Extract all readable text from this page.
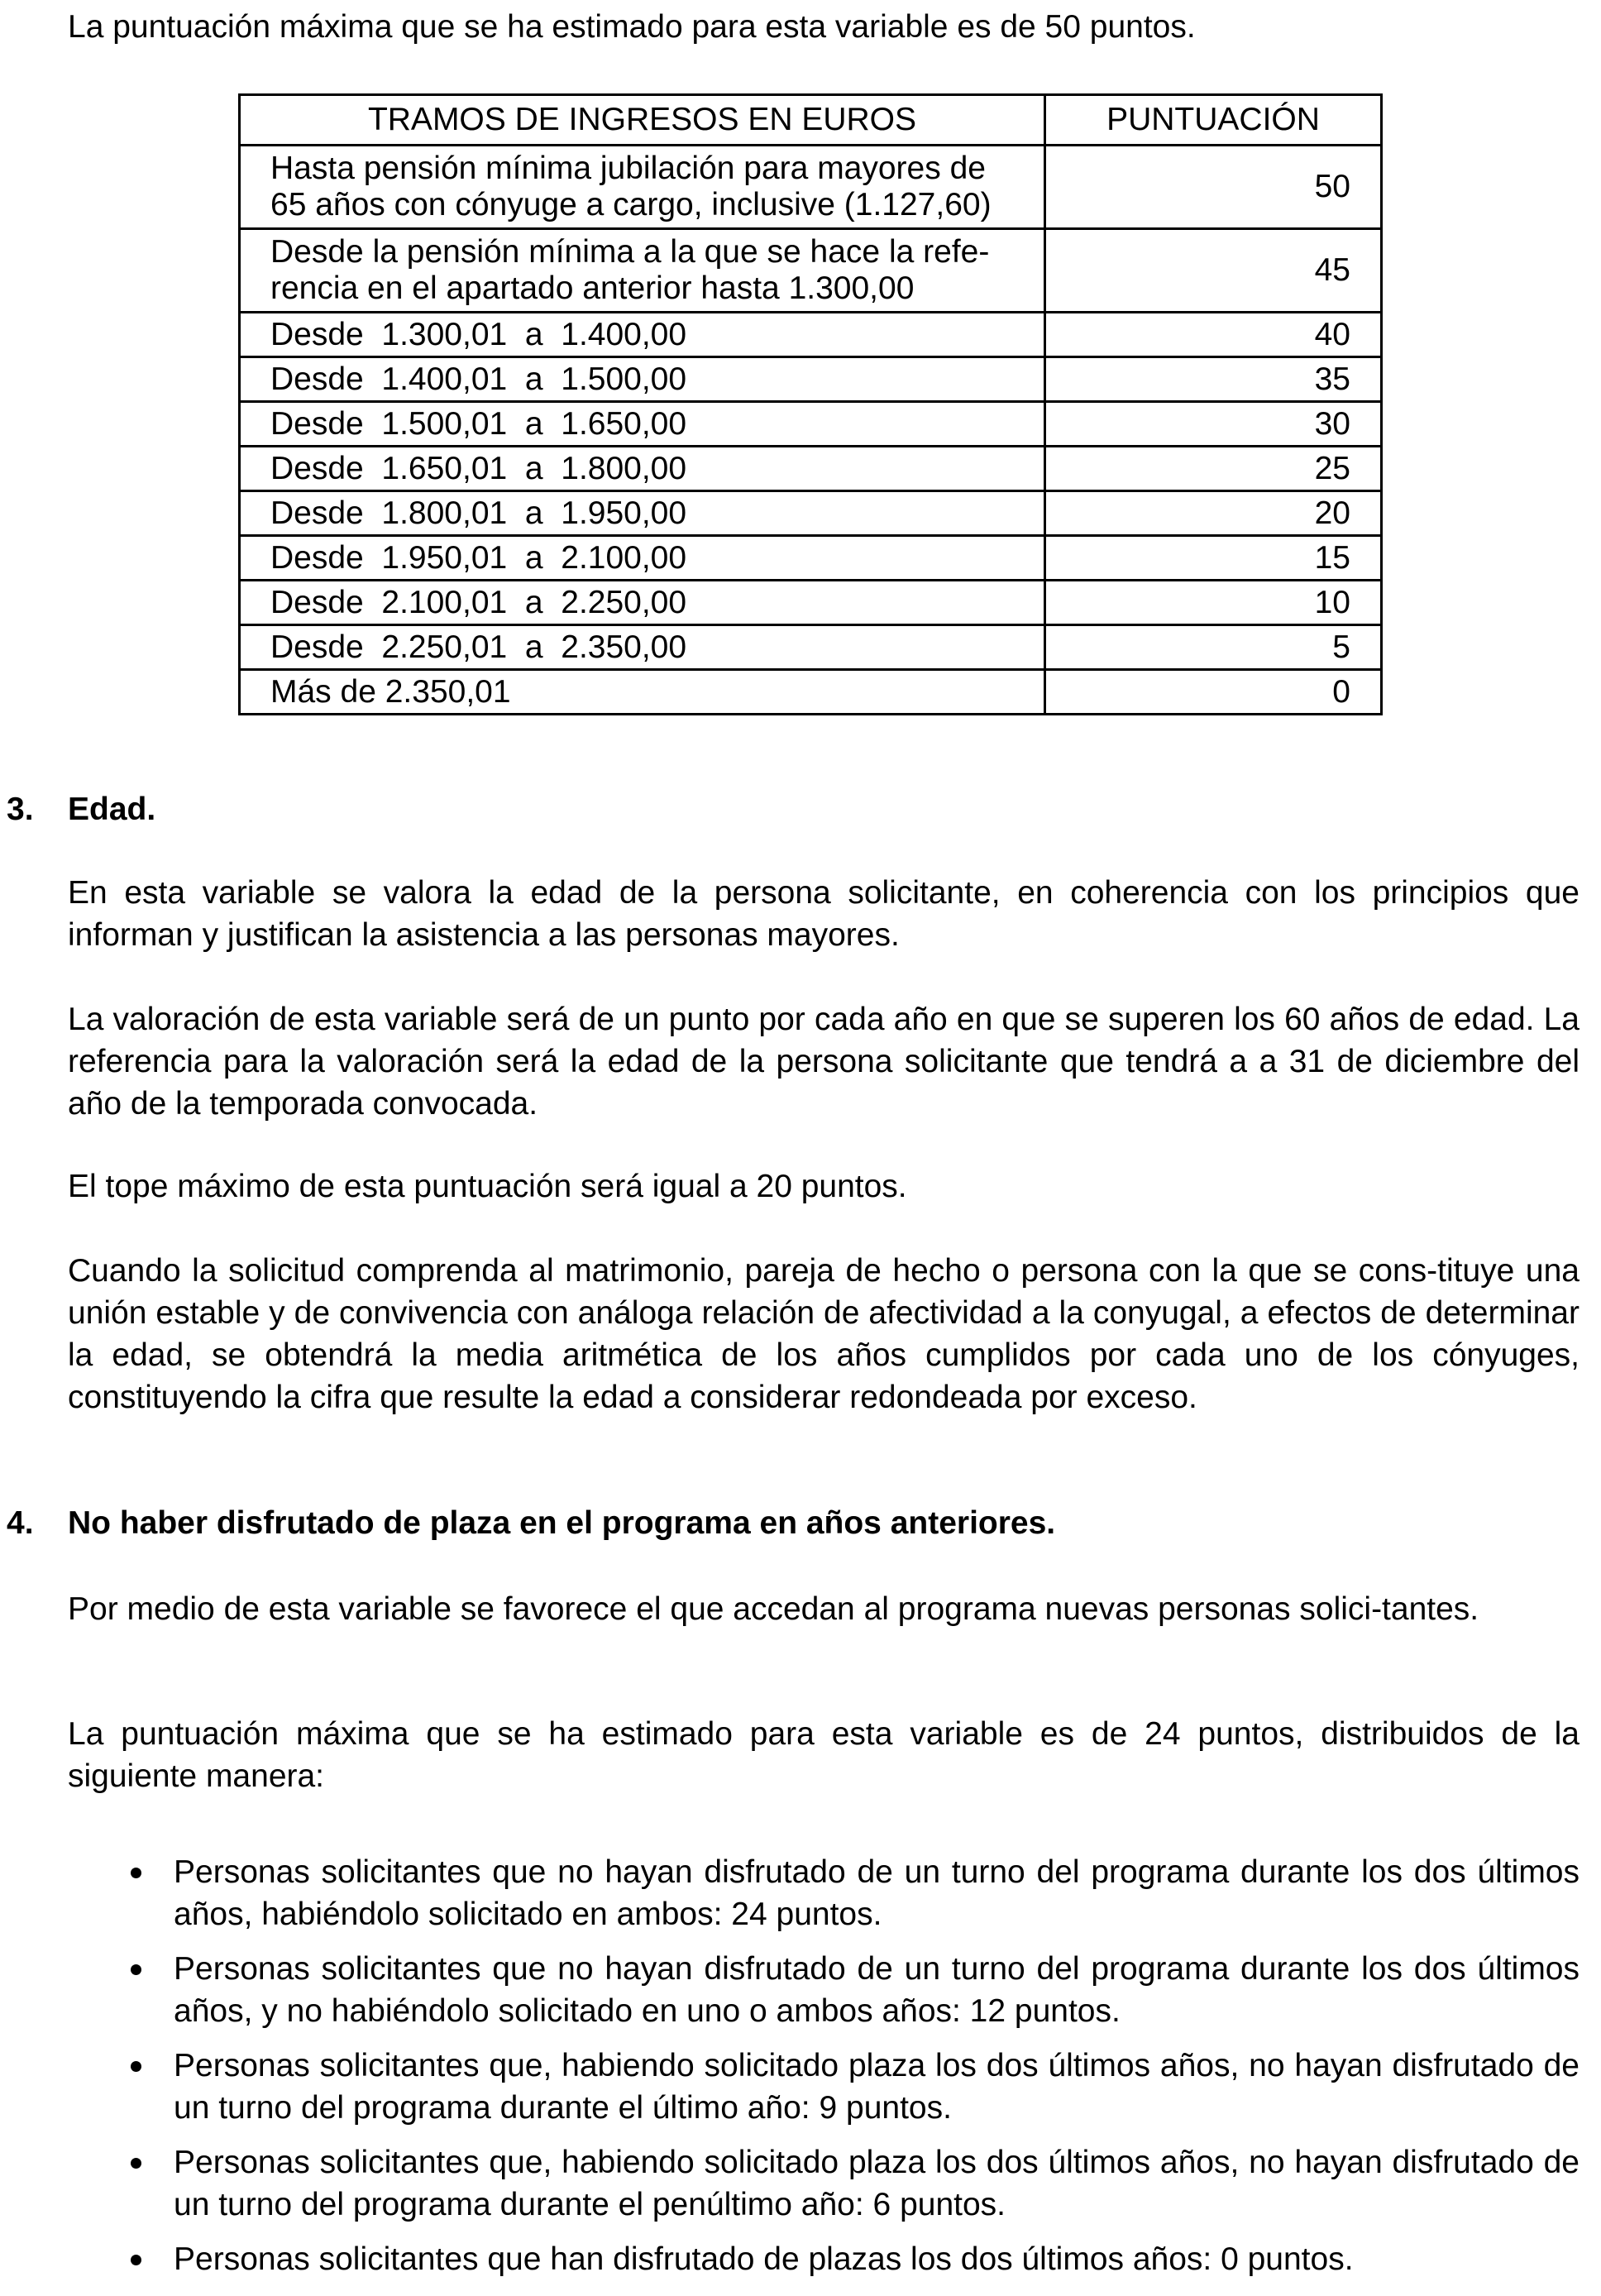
La puntuación máxima que se ha estimado para esta variable es de 50 puntos.
TRAMOS DE INGRESOS EN EUROS	PUNTUACIÓN

Hasta pensión mínima jubilación para mayores de
65 años con cónyuge a cargo, inclusive (1.127,60)	50

Desde la pensión mínima a la que se hace la refe-
rencia en el apartado anterior hasta 1.300,00	45
Desde  1.300,01  a  1.400,00	40
Desde  1.400,01  a  1.500,00	35
Desde  1.500,01  a  1.650,00	30
Desde  1.650,01  a  1.800,00	25
Desde  1.800,01  a  1.950,00	20
Desde  1.950,01  a  2.100,00	15
Desde  2.100,01  a  2.250,00	10
Desde  2.250,01  a  2.350,00	5
Más de 2.350,01	0
3. Edad.
En esta variable se valora la edad de la persona solicitante, en coherencia con los principios que informan y justifican la asistencia a las personas mayores.
La valoración de esta variable será de un punto por cada año en que se superen los 60 años de edad. La referencia para la valoración será la edad de la persona solicitante que tendrá a a 31 de diciembre del año de la temporada convocada.
El tope máximo de esta puntuación será igual a 20 puntos.
Cuando la solicitud comprenda al matrimonio, pareja de hecho o persona con la que se cons-tituye una unión estable y de convivencia con análoga relación de afectividad a la conyugal, a efectos de determinar la edad, se obtendrá la media aritmética de los años cumplidos por cada uno de los cónyuges, constituyendo la cifra que resulte la edad a considerar redondeada por exceso.
4. No haber disfrutado de plaza en el programa en años anteriores.
Por medio de esta variable se favorece el que accedan al programa nuevas personas solici-tantes.
La puntuación máxima que se ha estimado para esta variable es de 24 puntos, distribuidos de la siguiente manera:
Personas solicitantes que no hayan disfrutado de un turno del programa durante los dos últimos años, habiéndolo solicitado en ambos: 24 puntos.
Personas solicitantes que no hayan disfrutado de un turno del programa durante los dos últimos años, y no habiéndolo solicitado en uno o ambos años: 12 puntos.
Personas solicitantes que, habiendo solicitado plaza los dos últimos años, no hayan disfrutado de un turno del programa durante el último año: 9 puntos.
Personas solicitantes que, habiendo solicitado plaza los dos últimos años, no hayan disfrutado de un turno del programa durante el penúltimo año: 6 puntos.
Personas solicitantes que han disfrutado de plazas los dos últimos años: 0 puntos.
